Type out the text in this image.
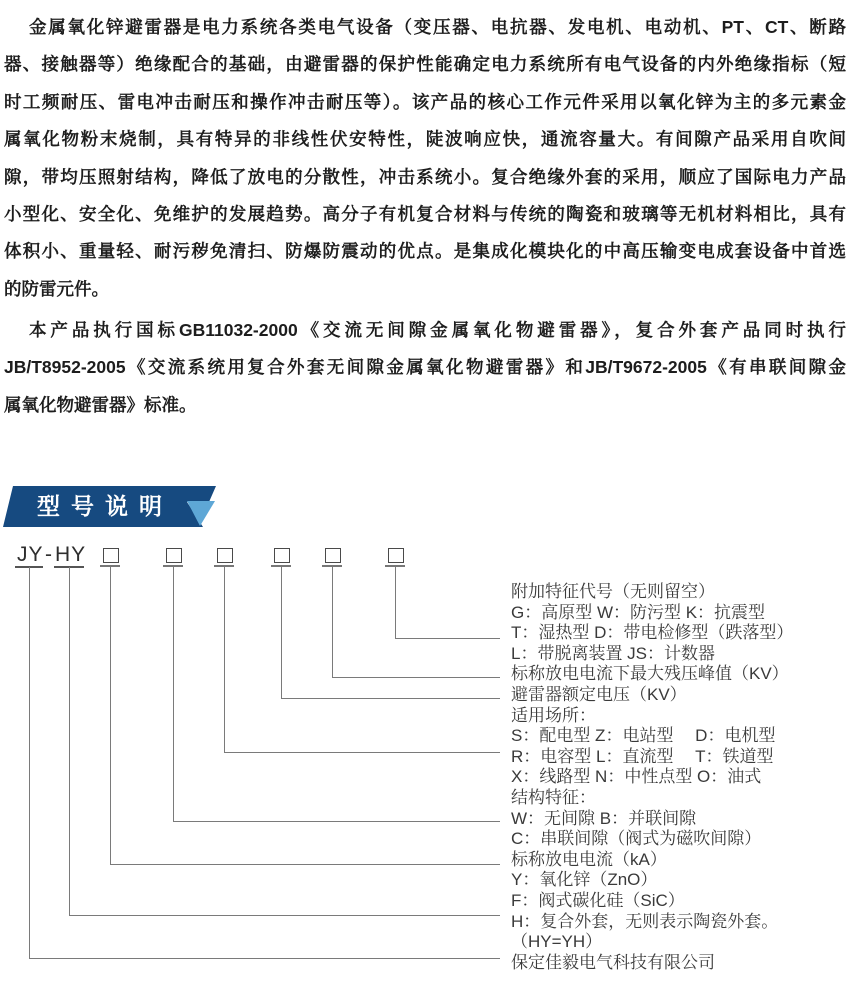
金属氧化锌避雷器是电力系统各类电气设备（变压器、电抗器、发电机、电动机、PT、CT、断路
器、接触器等）绝缘配合的基础，由避雷器的保护性能确定电力系统所有电气设备的内外绝缘指标（短
时工频耐压、雷电冲击耐压和操作冲击耐压等）。该产品的核心工作元件采用以氧化锌为主的多元素金
属氧化物粉末烧制，具有特异的非线性伏安特性，陡波响应快，通流容量大。有间隙产品采用自吹间
隙，带均压照射结构，降低了放电的分散性，冲击系统小。复合绝缘外套的采用，顺应了国际电力产品
小型化、安全化、免维护的发展趋势。高分子有机复合材料与传统的陶瓷和玻璃等无机材料相比，具有
体积小、重量轻、耐污秽免清扫、防爆防震动的优点。是集成化模块化的中高压输变电成套设备中首选
的防雷元件。
本产品执行国标GB11032-2000《交流无间隙金属氧化物避雷器》，复合外套产品同时执行
JB/T8952-2005《交流系统用复合外套无间隙金属氧化物避雷器》和JB/T9672-2005《有串联间隙金
属氧化物避雷器》标准。
型号说明
JY - HY
附加特征代号（无则留空）
G：高原型 W：防污型 K：抗震型
T：湿热型 D：带电检修型（跌落型）
L：带脱离装置 JS：计数器
标称放电电流下最大残压峰值（KV）
避雷器额定电压（KV）
适用场所：
S：配电型 Z：电站型　 D：电机型
R：电容型 L：直流型　 T：铁道型
X：线路型 N：中性点型 O：油式
结构特征：
W：无间隙 B：并联间隙
C：串联间隙（阀式为磁吹间隙）
标称放电电流（kA）
Y：氧化锌（ZnO）
F：阀式碳化硅（SiC）
H：复合外套，无则表示陶瓷外套。
（HY=YH）
保定佳毅电气科技有限公司
